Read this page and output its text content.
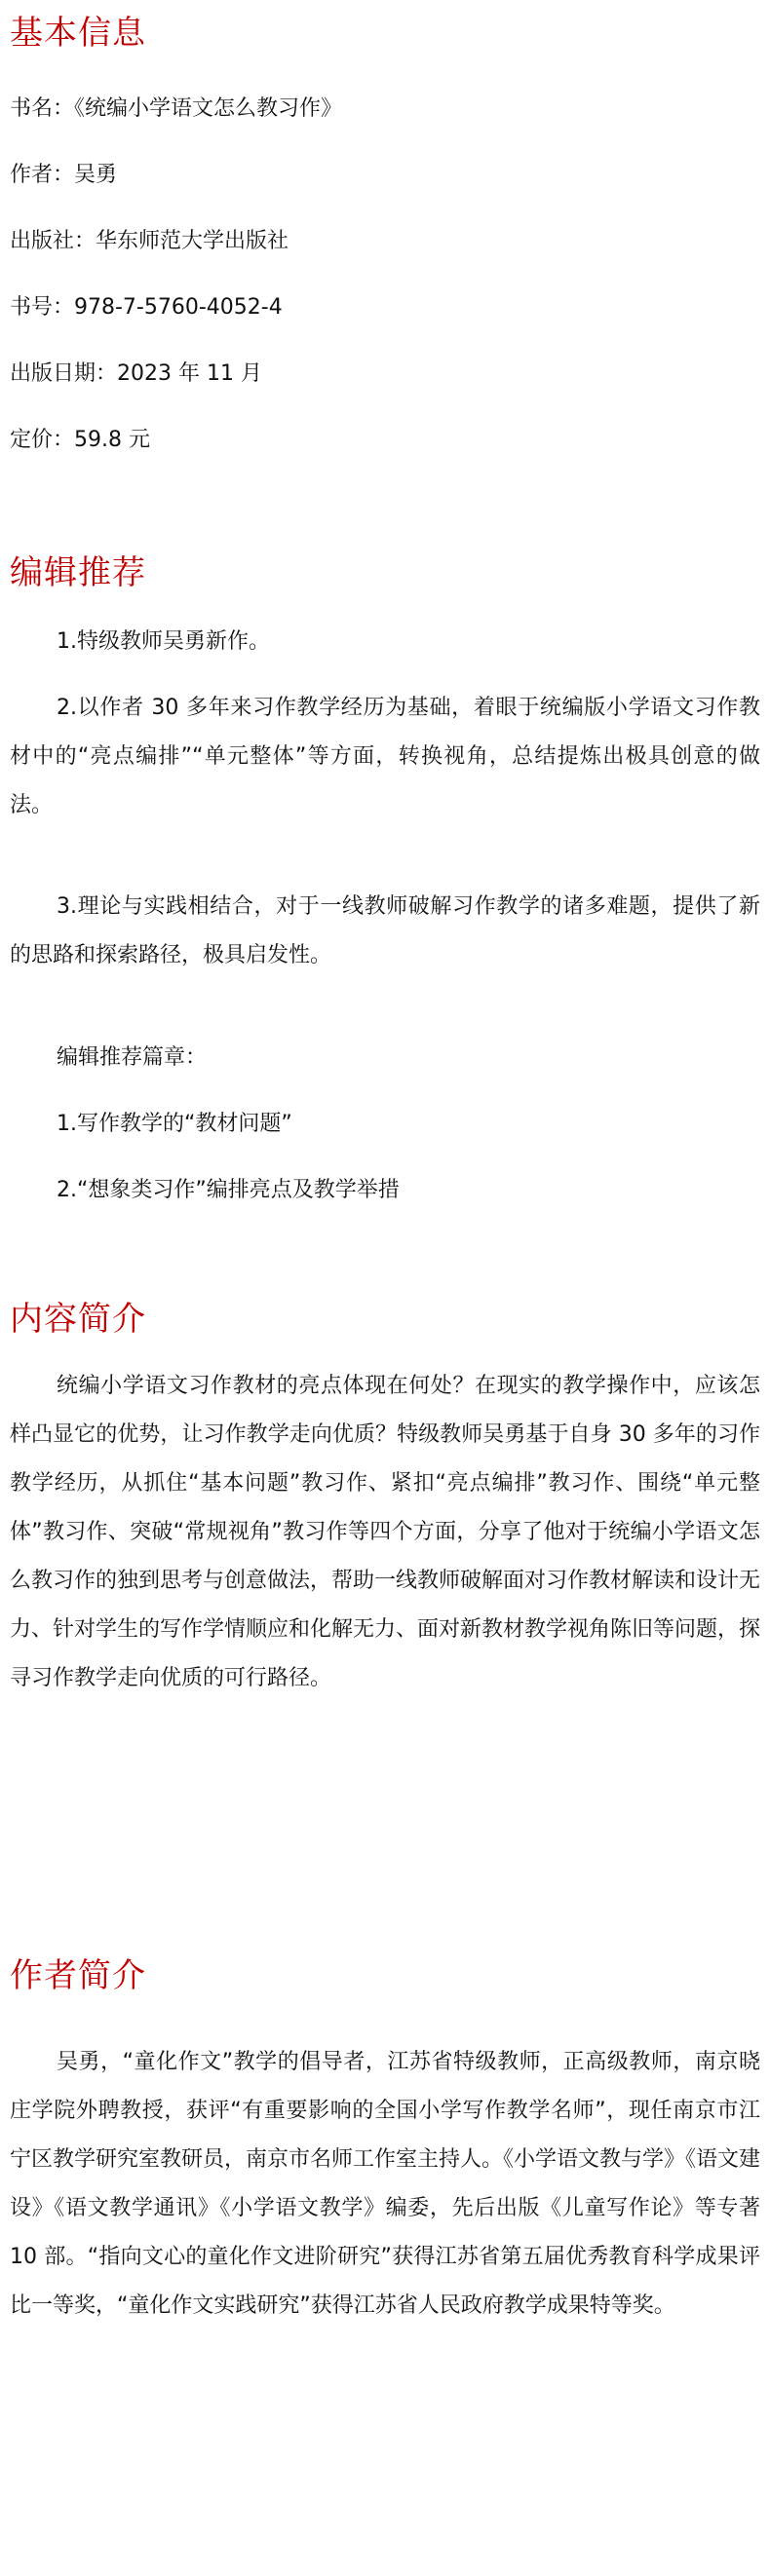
基本信息

书名：《统编小学语文怎么教习作》

作者：吴勇

出版社：华东师范大学出版社

书号：978-7-5760-4052-4

出版日期：2023 年 11 月

定价：59.8 元

编辑推荐

1.特级教师吴勇新作。

2.以作者 30 多年来习作教学经历为基础，着眼于统编版小学语文习作教材中的“亮点编排”“单元整体”等方面，转换视角，总结提炼出极具创意的做法。

3.理论与实践相结合，对于一线教师破解习作教学的诸多难题，提供了新的思路和探索路径，极具启发性。

编辑推荐篇章：

1.写作教学的“教材问题”

2.“想象类习作”编排亮点及教学举措

内容简介

统编小学语文习作教材的亮点体现在何处？在现实的教学操作中，应该怎样凸显它的优势，让习作教学走向优质？特级教师吴勇基于自身 30 多年的习作教学经历，从抓住“基本问题”教习作、紧扣“亮点编排”教习作、围绕“单元整体”教习作、突破“常规视角”教习作等四个方面，分享了他对于统编小学语文怎么教习作的独到思考与创意做法，帮助一线教师破解面对习作教材解读和设计无力、针对学生的写作学情顺应和化解无力、面对新教材教学视角陈旧等问题，探寻习作教学走向优质的可行路径。

作者简介

吴勇，“童化作文”教学的倡导者，江苏省特级教师，正高级教师，南京晓庄学院外聘教授，获评“有重要影响的全国小学写作教学名师”，现任南京市江宁区教学研究室教研员，南京市名师工作室主持人。《小学语文教与学》《语文建设》《语文教学通讯》《小学语文教学》编委，先后出版《儿童写作论》等专著 10 部。“指向文心的童化作文进阶研究”获得江苏省第五届优秀教育科学成果评比一等奖，“童化作文实践研究”获得江苏省人民政府教学成果特等奖。
